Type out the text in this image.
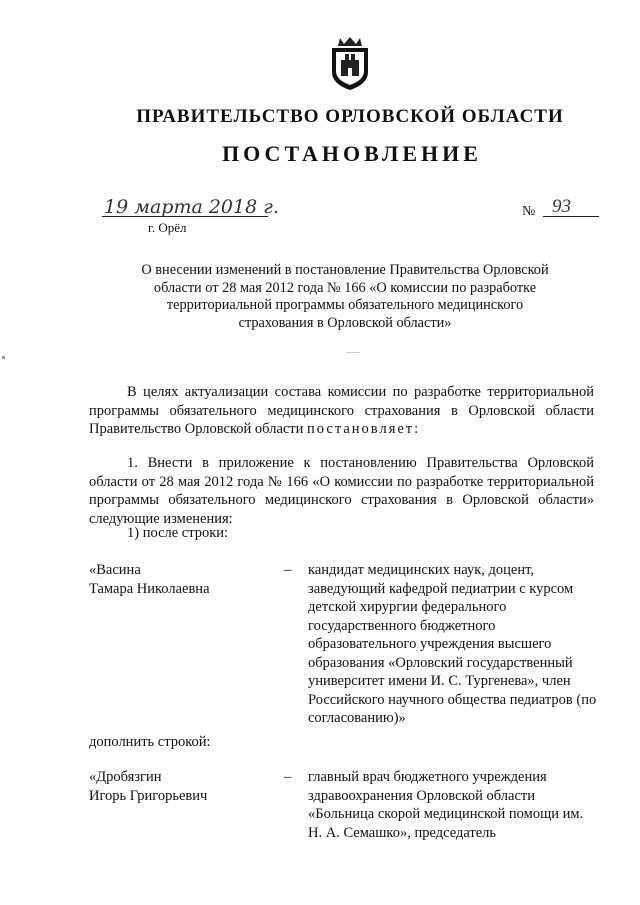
ПРАВИТЕЛЬСТВО ОРЛОВСКОЙ ОБЛАСТИ
ПОСТАНОВЛЕНИЕ
19 марта 2018 г.
г. Орёл
№ 93
О внесении изменений в постановление Правительства Орловской области от 28 мая 2012 года № 166 «О комиссии по разработке территориальной программы обязательного медицинского страхования в Орловской области»
В целях актуализации состава комиссии по разработке территориальной программы обязательного медицинского страхования в Орловской области Правительство Орловской области постановляет:
1. Внести в приложение к постановлению Правительства Орловской области от 28 мая 2012 года № 166 «О комиссии по разработке территориальной программы обязательного медицинского страхования в Орловской области» следующие изменения:
1) после строки:
«Васина
Тамара Николаевна
– кандидат медицинских наук, доцент, заведующий кафедрой педиатрии с курсом детской хирургии федерального государственного бюджетного образовательного учреждения высшего образования «Орловский государственный университет имени И. С. Тургенева», член Российского научного общества педиатров (по согласованию)»
дополнить строкой:
«Дробязгин
Игорь Григорьевич
– главный врач бюджетного учреждения здравоохранения Орловской области «Больница скорой медицинской помощи им. Н. А. Семашко», председатель
